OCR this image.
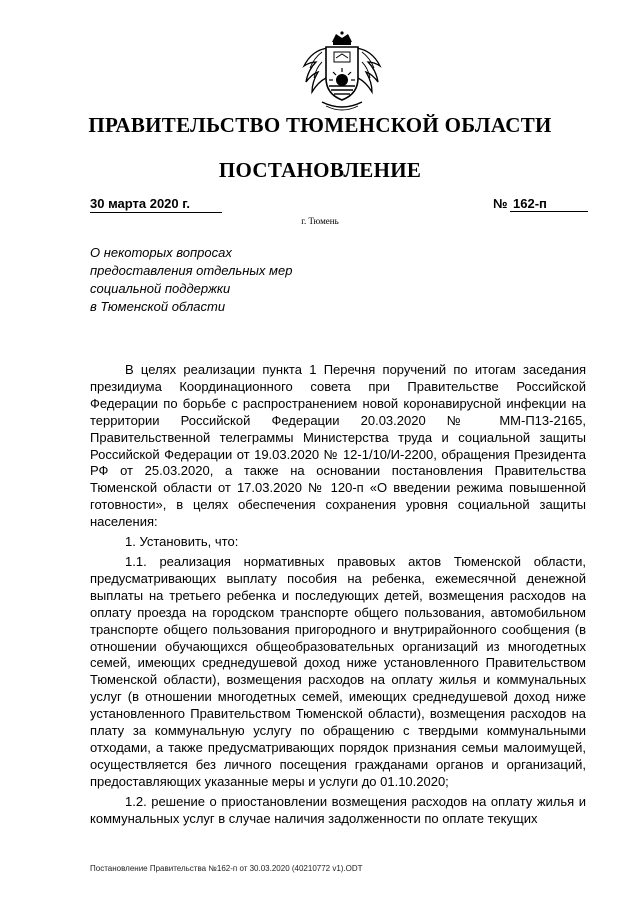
ПРАВИТЕЛЬСТВО ТЮМЕНСКОЙ ОБЛАСТИ
ПОСТАНОВЛЕНИЕ
30 марта 2020 г.	№ 162-п
г. Тюмень
О некоторых вопросах
предоставления отдельных мер
социальной поддержки
в Тюменской области

В целях реализации пункта 1 Перечня поручений по итогам заседания президиума Координационного совета при Правительстве Российской Федерации по борьбе с распространением новой коронавирусной инфекции на территории Российской Федерации 20.03.2020 № ММ-П13-2165, Правительственной телеграммы Министерства труда и социальной защиты Российской Федерации от 19.03.2020 № 12-1/10/И-2200, обращения Президента РФ от 25.03.2020, а также на основании постановления Правительства Тюменской области от 17.03.2020 № 120-п «О введении режима повышенной готовности», в целях обеспечения сохранения уровня социальной защиты населения:

1. Установить, что:

1.1. реализация нормативных правовых актов Тюменской области, предусматривающих выплату пособия на ребенка, ежемесячной денежной выплаты на третьего ребенка и последующих детей, возмещения расходов на оплату проезда на городском транспорте общего пользования, автомобильном транспорте общего пользования пригородного и внутрирайонного сообщения (в отношении обучающихся общеобразовательных организаций из многодетных семей, имеющих среднедушевой доход ниже установленного Правительством Тюменской области), возмещения расходов на оплату жилья и коммунальных услуг (в отношении многодетных семей, имеющих среднедушевой доход ниже установленного Правительством Тюменской области), возмещения расходов на плату за коммунальную услугу по обращению с твердыми коммунальными отходами, а также предусматривающих порядок признания семьи малоимущей, осуществляется без личного посещения гражданами органов и организаций, предоставляющих указанные меры и услуги до 01.10.2020;

1.2. решение о приостановлении возмещения расходов на оплату жилья и коммунальных услуг в случае наличия задолженности по оплате текущих

Постановление Правительства №162-п от 30.03.2020 (40210772 v1).ODT
